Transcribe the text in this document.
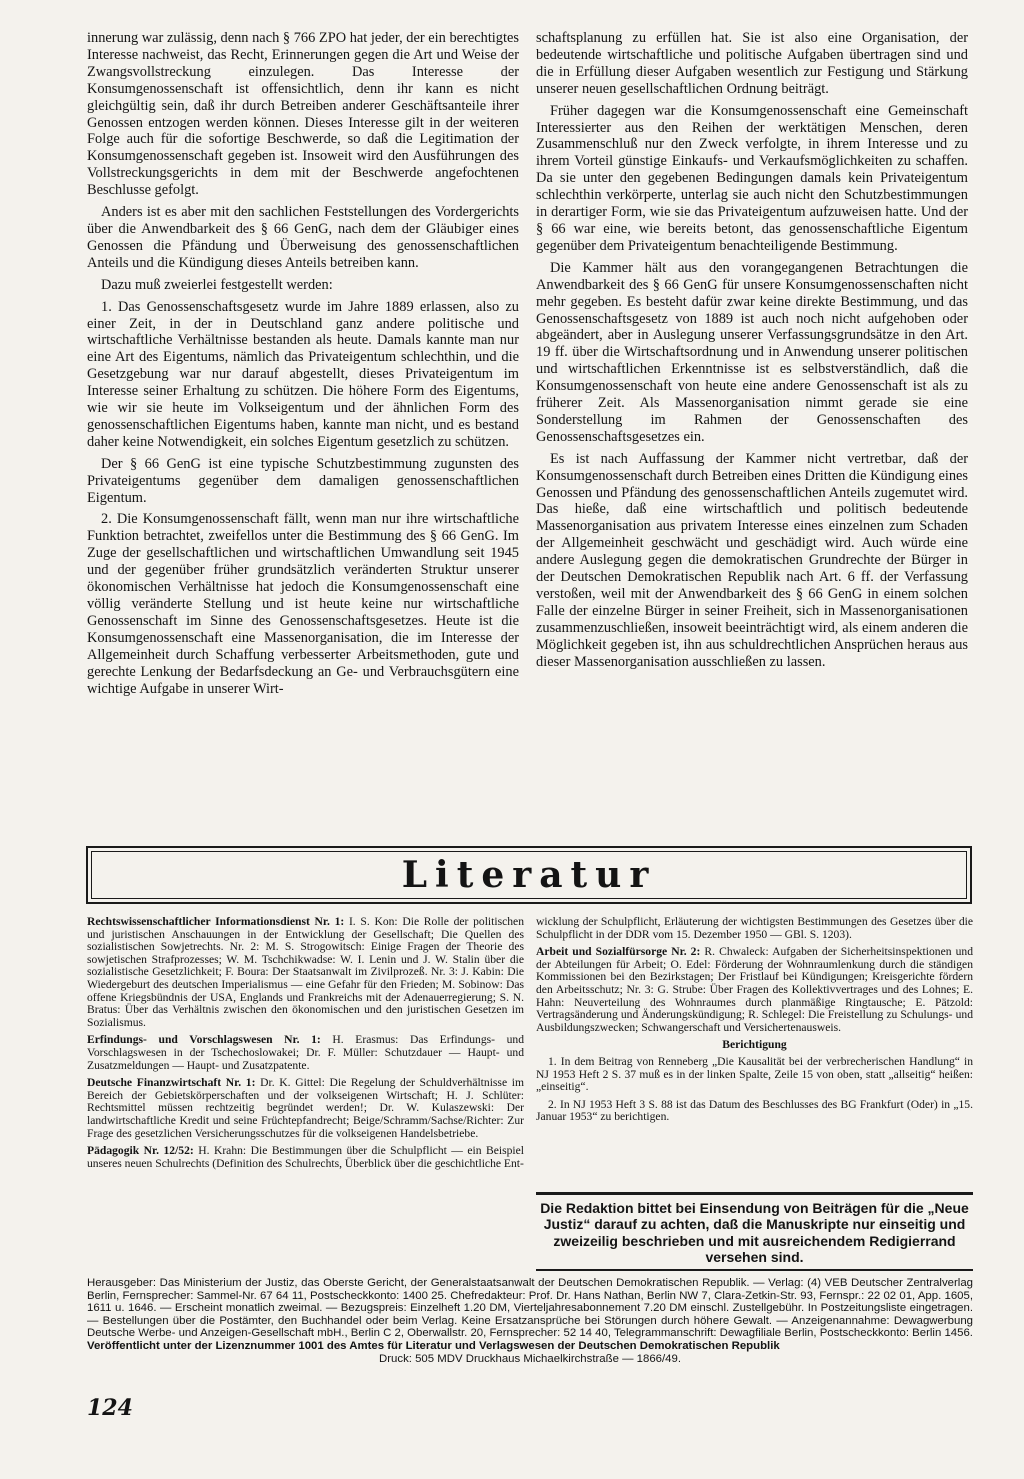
innerung war zulässig, denn nach § 766 ZPO hat jeder, der ein berechtigtes Interesse nachweist, das Recht, Erinnerungen gegen die Art und Weise der Zwangsvollstreckung einzulegen. Das Interesse der Konsumgenossenschaft ist offensichtlich, denn ihr kann es nicht gleichgültig sein, daß ihr durch Betreiben anderer Geschäftsanteile ihrer Genossen entzogen werden können. Dieses Interesse gilt in der weiteren Folge auch für die sofortige Beschwerde, so daß die Legitimation der Konsumgenossenschaft gegeben ist. Insoweit wird den Ausführungen des Vollstreckungsgerichts in dem mit der Beschwerde angefochtenen Beschlusse gefolgt.

Anders ist es aber mit den sachlichen Feststellungen des Vordergerichts über die Anwendbarkeit des § 66 GenG, nach dem der Gläubiger eines Genossen die Pfändung und Überweisung des genossenschaftlichen Anteils und die Kündigung dieses Anteils betreiben kann.

Dazu muß zweierlei festgestellt werden:

1. Das Genossenschaftsgesetz wurde im Jahre 1889 erlassen, also zu einer Zeit, in der in Deutschland ganz andere politische und wirtschaftliche Verhältnisse bestanden als heute. Damals kannte man nur eine Art des Eigentums, nämlich das Privateigentum schlechthin, und die Gesetzgebung war nur darauf abgestellt, dieses Privateigentum im Interesse seiner Erhaltung zu schützen. Die höhere Form des Eigentums, wie wir sie heute im Volkseigentum und der ähnlichen Form des genossenschaftlichen Eigentums haben, kannte man nicht, und es bestand daher keine Notwendigkeit, ein solches Eigentum gesetzlich zu schützen.

Der § 66 GenG ist eine typische Schutzbestimmung zugunsten des Privateigentums gegenüber dem damaligen genossenschaftlichen Eigentum.

2. Die Konsumgenossenschaft fällt, wenn man nur ihre wirtschaftliche Funktion betrachtet, zweifellos unter die Bestimmung des § 66 GenG. Im Zuge der gesellschaftlichen und wirtschaftlichen Umwandlung seit 1945 und der gegenüber früher grundsätzlich veränderten Struktur unserer ökonomischen Verhältnisse hat jedoch die Konsumgenossenschaft eine völlig veränderte Stellung und ist heute keine nur wirtschaftliche Genossenschaft im Sinne des Genossenschaftsgesetzes. Heute ist die Konsumgenossenschaft eine Massenorganisation, die im Interesse der Allgemeinheit durch Schaffung verbesserter Arbeitsmethoden, gute und gerechte Lenkung der Bedarfsdeckung an Ge- und Verbrauchsgütern eine wichtige Aufgabe in unserer Wirt-

schaftsplanung zu erfüllen hat. Sie ist also eine Organisation, der bedeutende wirtschaftliche und politische Aufgaben übertragen sind und die in Erfüllung dieser Aufgaben wesentlich zur Festigung und Stärkung unserer neuen gesellschaftlichen Ordnung beiträgt.

Früher dagegen war die Konsumgenossenschaft eine Gemeinschaft Interessierter aus den Reihen der werktätigen Menschen, deren Zusammenschluß nur den Zweck verfolgte, in ihrem Interesse und zu ihrem Vorteil günstige Einkaufs- und Verkaufsmöglichkeiten zu schaffen. Da sie unter den gegebenen Bedingungen damals kein Privateigentum schlechthin verkörperte, unterlag sie auch nicht den Schutzbestimmungen in derartiger Form, wie sie das Privateigentum aufzuweisen hatte. Und der § 66 war eine, wie bereits betont, das genossenschaftliche Eigentum gegenüber dem Privateigentum benachteiligende Bestimmung.

Die Kammer hält aus den vorangegangenen Betrachtungen die Anwendbarkeit des § 66 GenG für unsere Konsumgenossenschaften nicht mehr gegeben. Es besteht dafür zwar keine direkte Bestimmung, und das Genossenschaftsgesetz von 1889 ist auch noch nicht aufgehoben oder abgeändert, aber in Auslegung unserer Verfassungsgrundsätze in den Art. 19 ff. über die Wirtschaftsordnung und in Anwendung unserer politischen und wirtschaftlichen Erkenntnisse ist es selbstverständlich, daß die Konsumgenossenschaft von heute eine andere Genossenschaft ist als zu früherer Zeit. Als Massenorganisation nimmt gerade sie eine Sonderstellung im Rahmen der Genossenschaften des Genossenschaftsgesetzes ein.

Es ist nach Auffassung der Kammer nicht vertretbar, daß der Konsumgenossenschaft durch Betreiben eines Dritten die Kündigung eines Genossen und Pfändung des genossenschaftlichen Anteils zugemutet wird. Das hieße, daß eine wirtschaftlich und politisch bedeutende Massenorganisation aus privatem Interesse eines einzelnen zum Schaden der Allgemeinheit geschwächt und geschädigt wird. Auch würde eine andere Auslegung gegen die demokratischen Grundrechte der Bürger in der Deutschen Demokratischen Republik nach Art. 6 ff. der Verfassung verstoßen, weil mit der Anwendbarkeit des § 66 GenG in einem solchen Falle der einzelne Bürger in seiner Freiheit, sich in Massenorganisationen zusammenzuschließen, insoweit beeinträchtigt wird, als einem anderen die Möglichkeit gegeben ist, ihn aus schuldrechtlichen Ansprüchen heraus aus dieser Massenorganisation ausschließen zu lassen.

Literatur

Rechtswissenschaftlicher Informationsdienst Nr. 1: I. S. Kon: Die Rolle der politischen und juristischen Anschauungen in der Entwicklung der Gesellschaft; Die Quellen des sozialistischen Sowjetrechts. Nr. 2: M. S. Strogowitsch: Einige Fragen der Theorie des sowjetischen Strafprozesses; W. M. Tschchikwadse: W. I. Lenin und J. W. Stalin über die sozialistische Gesetzlichkeit; F. Boura: Der Staatsanwalt im Zivilprozeß. Nr. 3: J. Kabin: Die Wiedergeburt des deutschen Imperialismus — eine Gefahr für den Frieden; M. Sobinow: Das offene Kriegsbündnis der USA, Englands und Frankreichs mit der Adenauerregierung; S. N. Bratus: Über das Verhältnis zwischen den ökonomischen und den juristischen Gesetzen im Sozialismus.

Erfindungs- und Vorschlagswesen Nr. 1: H. Erasmus: Das Erfindungs- und Vorschlagswesen in der Tschechoslowakei; Dr. F. Müller: Schutzdauer — Haupt- und Zusatzmeldungen — Haupt- und Zusatzpatente.

Deutsche Finanzwirtschaft Nr. 1: Dr. K. Gittel: Die Regelung der Schuldverhältnisse im Bereich der Gebietskörperschaften und der volkseigenen Wirtschaft; H. J. Schlüter: Rechtsmittel müssen rechtzeitig begründet werden!; Dr. W. Kulaszewski: Der landwirtschaftliche Kredit und seine Früchtepfandrecht; Beige/Schramm/Sachse/Richter: Zur Frage des gesetzlichen Versicherungsschutzes für die volkseigenen Handelsbetriebe.

Pädagogik Nr. 12/52: H. Krahn: Die Bestimmungen über die Schulpflicht — ein Beispiel unseres neuen Schulrechts (Definition des Schulrechts, Überblick über die geschichtliche Ent-

wicklung der Schulpflicht, Erläuterung der wichtigsten Bestimmungen des Gesetzes über die Schulpflicht in der DDR vom 15. Dezember 1950 — GBl. S. 1203).

Arbeit und Sozialfürsorge Nr. 2: R. Chwaleck: Aufgaben der Sicherheitsinspektionen und der Abteilungen für Arbeit; O. Edel: Förderung der Wohnraumlenkung durch die ständigen Kommissionen bei den Bezirkstagen; Der Fristlauf bei Kündigungen; Kreisgerichte fördern den Arbeitsschutz; Nr. 3: G. Strube: Über Fragen des Kollektivvertrages und des Lohnes; E. Hahn: Neuverteilung des Wohnraumes durch planmäßige Ringtausche; E. Pätzold: Vertragsänderung und Änderungskündigung; R. Schlegel: Die Freistellung zu Schulungs- und Ausbildungszwecken; Schwangerschaft und Versichertenausweis.

Berichtigung

1. In dem Beitrag von Renneberg „Die Kausalität bei der verbrecherischen Handlung“ in NJ 1953 Heft 2 S. 37 muß es in der linken Spalte, Zeile 15 von oben, statt „allseitig“ heißen: „einseitig“.

2. In NJ 1953 Heft 3 S. 88 ist das Datum des Beschlusses des BG Frankfurt (Oder) in „15. Januar 1953“ zu berichtigen.

Die Redaktion bittet bei Einsendung von Beiträgen für die „Neue Justiz“ darauf zu achten, daß die Manuskripte nur einseitig und zweizeilig beschrieben und mit ausreichendem Redigierrand versehen sind.

Herausgeber: Das Ministerium der Justiz, das Oberste Gericht, der Generalstaatsanwalt der Deutschen Demokratischen Republik. — Verlag: (4) VEB Deutscher Zentralverlag Berlin, Fernsprecher: Sammel-Nr. 67 64 11, Postscheckkonto: 1400 25. Chefredakteur: Prof. Dr. Hans Nathan, Berlin NW 7, Clara-Zetkin-Str. 93, Fernspr.: 22 02 01, App. 1605, 1611 u. 1646. — Erscheint monatlich zweimal. — Bezugspreis: Einzelheft 1.20 DM, Vierteljahresabonnement 7.20 DM einschl. Zustellgebühr. In Postzeitungsliste eingetragen. — Bestellungen über die Postämter, den Buchhandel oder beim Verlag. Keine Ersatzansprüche bei Störungen durch höhere Gewalt. — Anzeigenannahme: Dewagwerbung Deutsche Werbe- und Anzeigen-Gesellschaft mbH., Berlin C 2, Oberwallstr. 20, Fernsprecher: 52 14 40, Telegrammanschrift: Dewagfiliale Berlin, Postscheckkonto: Berlin 1456.

Veröffentlicht unter der Lizenznummer 1001 des Amtes für Literatur und Verlagswesen der Deutschen Demokratischen Republik

Druck: 505 MDV Druckhaus Michaelkirchstraße — 1866/49.

124
